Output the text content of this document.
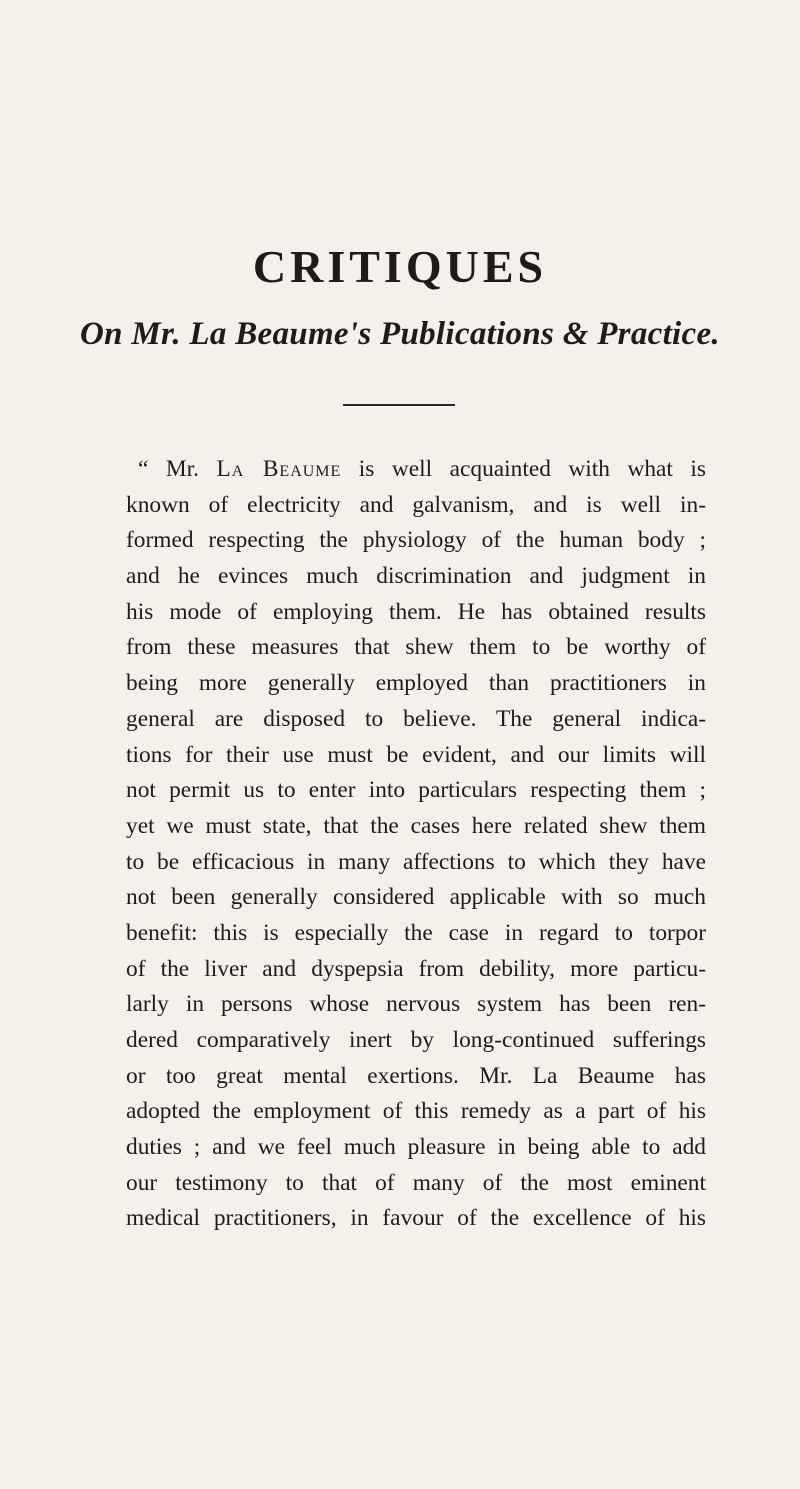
CRITIQUES
On Mr. La Beaume's Publications & Practice.
“ Mr. La Beaume is well acquainted with what is
known of electricity and galvanism, and is well in-
formed respecting the physiology of the human body ;
and he evinces much discrimination and judgment in
his mode of employing them. He has obtained results
from these measures that shew them to be worthy of
being more generally employed than practitioners in
general are disposed to believe. The general indica-
tions for their use must be evident, and our limits will
not permit us to enter into particulars respecting them ;
yet we must state, that the cases here related shew them
to be efficacious in many affections to which they have
not been generally considered applicable with so much
benefit: this is especially the case in regard to torpor
of the liver and dyspepsia from debility, more particu-
larly in persons whose nervous system has been ren-
dered comparatively inert by long-continued sufferings
or too great mental exertions. Mr. La Beaume has
adopted the employment of this remedy as a part of his
duties ; and we feel much pleasure in being able to add
our testimony to that of many of the most eminent
medical practitioners, in favour of the excellence of his
